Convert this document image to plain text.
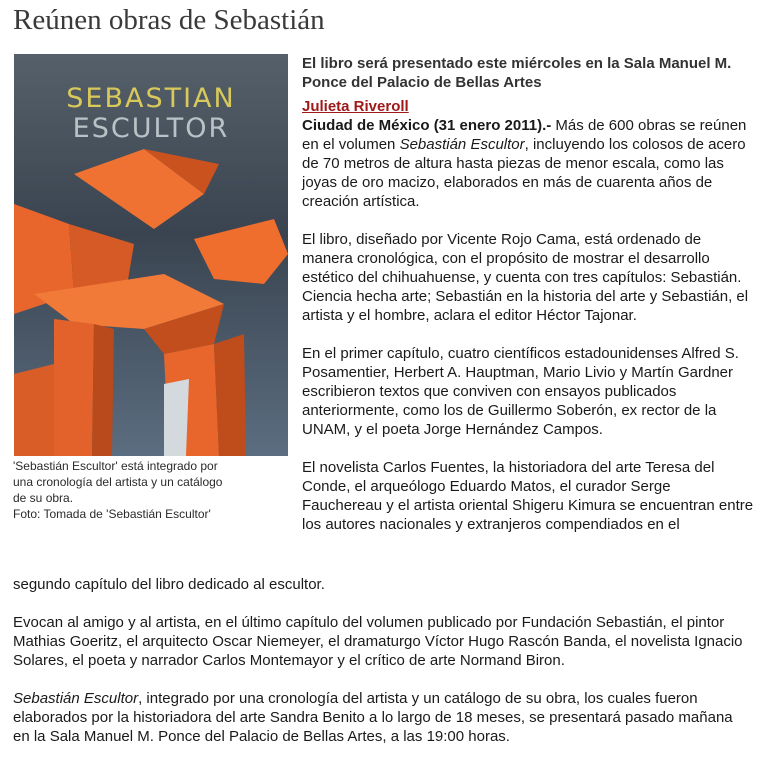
Reúnen obras de Sebastián
SEBASTIAN
ESCULTOR

'Sebastián Escultor' está integrado por una cronología del artista y un catálogo de su obra.

Foto: Tomada de 'Sebastián Escultor'

El libro será presentado este miércoles en la Sala Manuel M. Ponce del Palacio de Bellas Artes

Julieta Riveroll

Ciudad de México (31 enero 2011).- Más de 600 obras se reúnen en el volumen Sebastián Escultor, incluyendo los colosos de acero de 70 metros de altura hasta piezas de menor escala, como las joyas de oro macizo, elaborados en más de cuarenta años de creación artística.

El libro, diseñado por Vicente Rojo Cama, está ordenado de manera cronológica, con el propósito de mostrar el desarrollo estético del chihuahuense, y cuenta con tres capítulos: Sebastián. Ciencia hecha arte; Sebastián en la historia del arte y Sebastián, el artista y el hombre, aclara el editor Héctor Tajonar.

En el primer capítulo, cuatro científicos estadounidenses Alfred S. Posamentier, Herbert A. Hauptman, Mario Livio y Martín Gardner escribieron textos que conviven con ensayos publicados anteriormente, como los de Guillermo Soberón, ex rector de la UNAM, y el poeta Jorge Hernández Campos.

El novelista Carlos Fuentes, la historiadora del arte Teresa del Conde, el arqueólogo Eduardo Matos, el curador Serge Fauchereau y el artista oriental Shigeru Kimura se encuentran entre los autores nacionales y extranjeros compendiados en el

segundo capítulo del libro dedicado al escultor.

Evocan al amigo y al artista, en el último capítulo del volumen publicado por Fundación Sebastián, el pintor Mathias Goeritz, el arquitecto Oscar Niemeyer, el dramaturgo Víctor Hugo Rascón Banda, el novelista Ignacio Solares, el poeta y narrador Carlos Montemayor y el crítico de arte Normand Biron.

Sebastián Escultor, integrado por una cronología del artista y un catálogo de su obra, los cuales fueron elaborados por la historiadora del arte Sandra Benito a lo largo de 18 meses, se presentará pasado mañana en la Sala Manuel M. Ponce del Palacio de Bellas Artes, a las 19:00 horas.
